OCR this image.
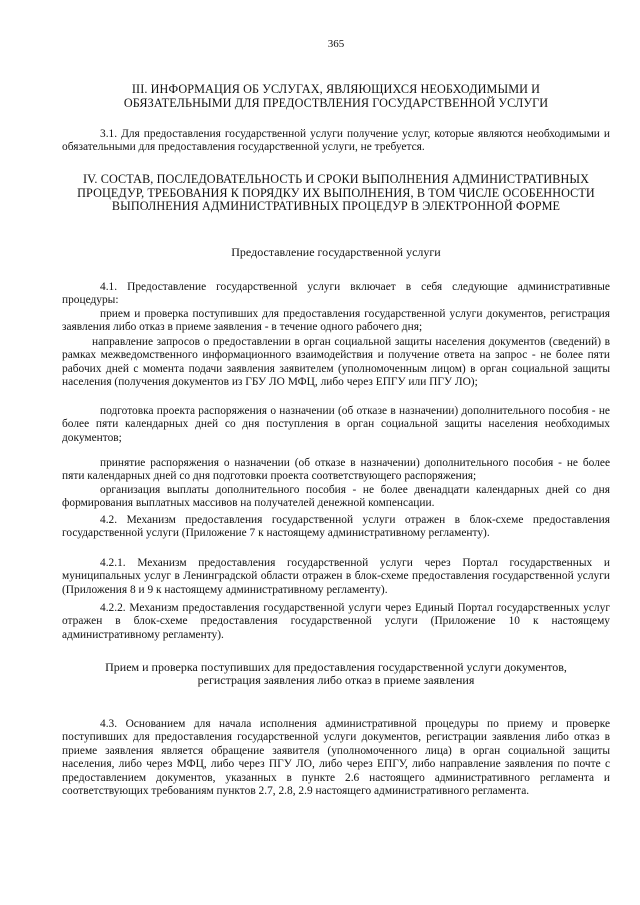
365
III. ИНФОРМАЦИЯ ОБ УСЛУГАХ, ЯВЛЯЮЩИХСЯ НЕОБХОДИМЫМИ И ОБЯЗАТЕЛЬНЫМИ ДЛЯ ПРЕДОСТВЛЕНИЯ ГОСУДАРСТВЕННОЙ УСЛУГИ

3.1. Для предоставления государственной услуги получение услуг, которые являются необходимыми и обязательными для предоставления государственной услуги, не требуется.

IV. СОСТАВ, ПОСЛЕДОВАТЕЛЬНОСТЬ И СРОКИ ВЫПОЛНЕНИЯ АДМИНИСТРАТИВНЫХ ПРОЦЕДУР, ТРЕБОВАНИЯ К ПОРЯДКУ ИХ ВЫПОЛНЕНИЯ, В ТОМ ЧИСЛЕ ОСОБЕННОСТИ ВЫПОЛНЕНИЯ АДМИНИСТРАТИВНЫХ ПРОЦЕДУР В ЭЛЕКТРОННОЙ ФОРМЕ
Предоставление государственной услуги

4.1. Предоставление государственной услуги включает в себя следующие административные процедуры:

прием и проверка поступивших для предоставления государственной услуги документов, регистрация заявления либо отказ в приеме заявления - в течение одного рабочего дня;

направление запросов о предоставлении в орган социальной защиты населения документов (сведений) в рамках межведомственного информационного взаимодействия и получение ответа на запрос - не более пяти рабочих дней с момента подачи заявления заявителем (уполномоченным лицом) в орган социальной защиты населения (получения документов из ГБУ ЛО МФЦ, либо через ЕПГУ или ПГУ ЛО);

подготовка проекта распоряжения о назначении (об отказе в назначении) дополнительного пособия - не более пяти календарных дней со дня поступления в орган социальной защиты населения необходимых документов;

принятие распоряжения о назначении (об отказе в назначении) дополнительного пособия - не более пяти календарных дней со дня подготовки проекта соответствующего распоряжения;

организация выплаты дополнительного пособия - не более двенадцати календарных дней со дня формирования выплатных массивов на получателей денежной компенсации.

4.2. Механизм предоставления государственной услуги отражен в блок-схеме предоставления государственной услуги (Приложение 7 к настоящему административному регламенту).

4.2.1. Механизм предоставления государственной услуги через Портал государственных и муниципальных услуг в Ленинградской области отражен в блок-схеме предоставления государственной услуги (Приложения 8 и 9 к настоящему административному регламенту).

4.2.2. Механизм предоставления государственной услуги через Единый Портал государственных услуг отражен в блок-схеме предоставления государственной услуги (Приложение 10 к настоящему административному регламенту).

Прием и проверка поступивших для предоставления государственной услуги документов, регистрация заявления либо отказ в приеме заявления

4.3. Основанием для начала исполнения административной процедуры по приему и проверке поступивших для предоставления государственной услуги документов, регистрации заявления либо отказ в приеме заявления является обращение заявителя (уполномоченного лица) в орган социальной защиты населения, либо через МФЦ, либо через ПГУ ЛО, либо через ЕПГУ, либо направление заявления по почте с предоставлением документов, указанных в пункте 2.6 настоящего административного регламента и соответствующих требованиям пунктов 2.7, 2.8, 2.9 настоящего административного регламента.
